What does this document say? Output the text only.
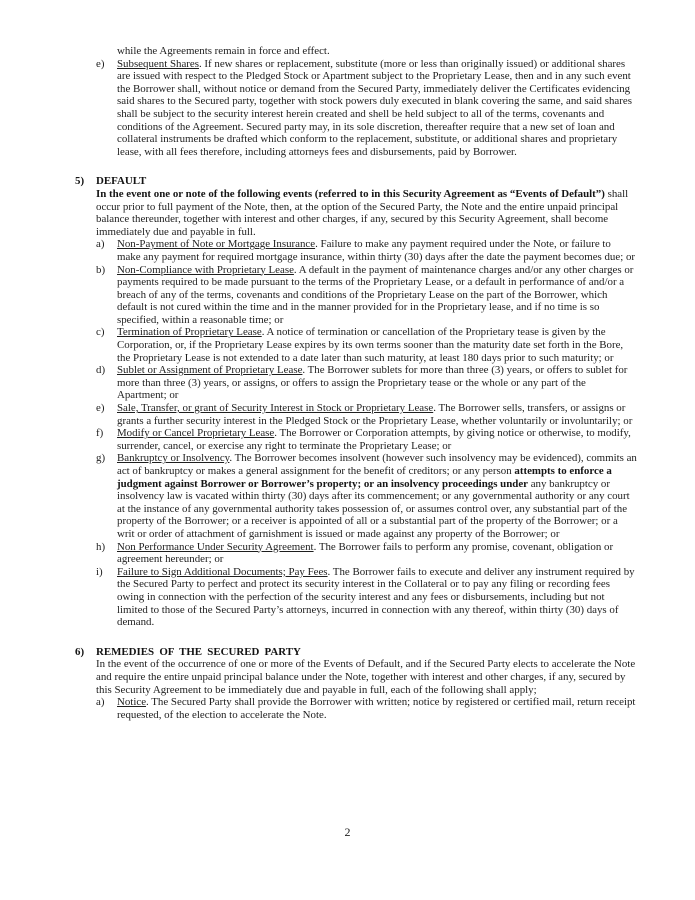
while the Agreements remain in force and effect.
e) Subsequent Shares. If new shares or replacement, substitute (more or less than originally issued) or additional shares are issued with respect to the Pledged Stock or Apartment subject to the Proprietary Lease, then and in any such event the Borrower shall, without notice or demand from the Secured Party, immediately deliver the Certificates evidencing said shares to the Secured party, together with stock powers duly executed in blank covering the same, and said shares shall be subject to the security interest herein created and shell be held subject to all of the terms, covenants and conditions of the Agreement. Secured party may, in its sole discretion, thereafter require that a new set of loan and collateral instruments be drafted which conform to the replacement, substitute, or additional shares and proprietary lease, with all fees therefore, including attorneys fees and disbursements, paid by Borrower.
5) DEFAULT
In the event one or note of the following events (referred to in this Security Agreement as “Events of Default”) shall occur prior to full payment of the Note, then, at the option of the Secured Party, the Note and the entire unpaid principal balance thereunder, together with interest and other charges, if any, secured by this Security Agreement, shall become immediately due and payable in full.
a) Non-Payment of Note or Mortgage Insurance. Failure to make any payment required under the Note, or failure to make any payment for required mortgage insurance, within thirty (30) days after the date the payment becomes due; or
b) Non-Compliance with Proprietary Lease. A default in the payment of maintenance charges and/or any other charges or payments required to be made pursuant to the terms of the Proprietary Lease, or a default in performance of and/or a breach of any of the terms, covenants and conditions of the Proprietary Lease on the part of the Borrower, which default is not cured within the time and in the manner provided for in the Proprietary lease, and if no time is so specified, within a reasonable time; or
c) Termination of Proprietary Lease. A notice of termination or cancellation of the Proprietary tease is given by the Corporation, or, if the Proprietary Lease expires by its own terms sooner than the maturity date set forth in the Bore, the Proprietary Lease is not extended to a date later than such maturity, at least 180 days prior to such maturity; or
d) Sublet or Assignment of Proprietary Lease. The Borrower sublets for more than three (3) years, or offers to sublet for more than three (3) years, or assigns, or offers to assign the Proprietary tease or the whole or any part of the Apartment; or
e) Sale, Transfer, or grant of Security Interest in Stock or Proprietary Lease. The Borrower sells, transfers, or assigns or grants a further security interest in the Pledged Stock or the Proprietary Lease, whether voluntarily or involuntarily; or
f) Modify or Cancel Proprietary Lease. The Borrower or Corporation attempts, by giving notice or otherwise, to modify, surrender, cancel, or exercise any right to terminate the Proprietary Lease; or
g) Bankruptcy or Insolvency. The Borrower becomes insolvent (however such insolvency may be evidenced), commits an act of bankruptcy or makes a general assignment for the benefit of creditors; or any person attempts to enforce a judgment against Borrower or Borrower’s property; or an insolvency proceedings under any bankruptcy or insolvency law is vacated within thirty (30) days after its commencement; or any governmental authority or any court at the instance of any governmental authority takes possession of, or assumes control over, any substantial part of the property of the Borrower; or a receiver is appointed of all or a substantial part of the property of the Borrower; or a writ or order of attachment of garnishment is issued or made against any property of the Borrower; or
h) Non Performance Under Security Agreement. The Borrower fails to perform any promise, covenant, obligation or agreement hereunder; or
i) Failure to Sign Additional Documents; Pay Fees. The Borrower fails to execute and deliver any instrument required by the Secured Party to perfect and protect its security interest in the Collateral or to pay any filing or recording fees owing in connection with the perfection of the security interest and any fees or disbursements, including but not limited to those of the Secured Party’s attorneys, incurred in connection with any thereof, within thirty (30) days of demand.
6) REMEDIES OF THE SECURED PARTY
In the event of the occurrence of one or more of the Events of Default, and if the Secured Party elects to accelerate the Note and require the entire unpaid principal balance under the Note, together with interest and other charges, if any, secured by this Security Agreement to be immediately due and payable in full, each of the following shall apply;
a) Notice. The Secured Party shall provide the Borrower with written; notice by registered or certified mail, return receipt requested, of the election to accelerate the Note.
2
